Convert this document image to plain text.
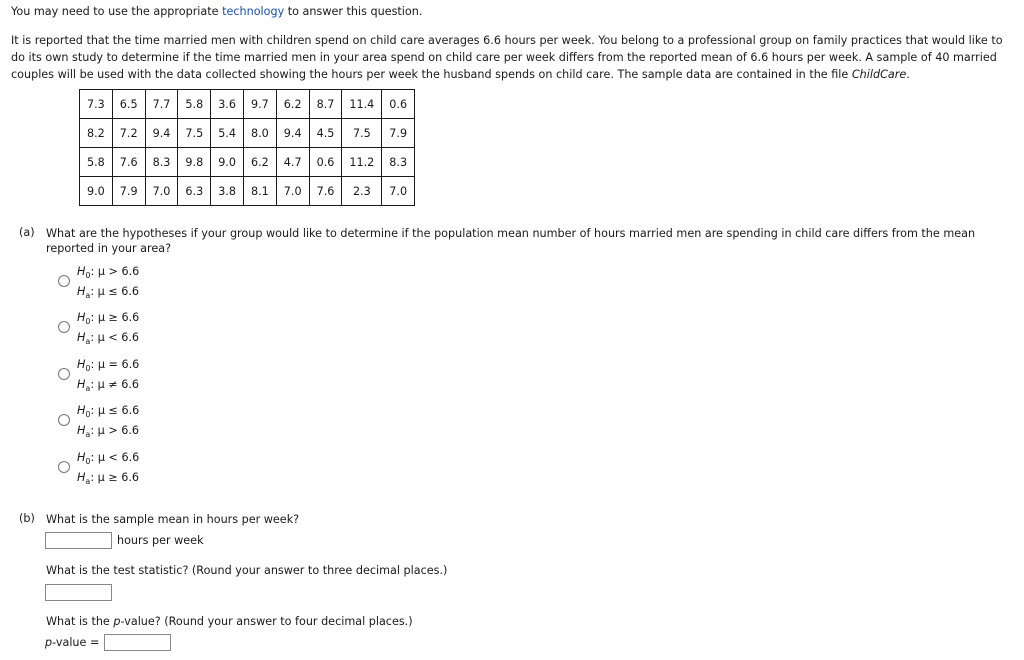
You may need to use the appropriate technology to answer this question.
It is reported that the time married men with children spend on child care averages 6.6 hours per week. You belong to a professional group on family practices that would like to do its own study to determine if the time married men in your area spend on child care per week differs from the reported mean of 6.6 hours per week. A sample of 40 married couples will be used with the data collected showing the hours per week the husband spends on child care. The sample data are contained in the file ChildCare.
7.3	6.5	7.7	5.8	3.6	9.7	6.2	8.7	11.4	0.6
8.2	7.2	9.4	7.5	5.4	8.0	9.4	4.5	7.5	7.9
5.8	7.6	8.3	9.8	9.0	6.2	4.7	0.6	11.2	8.3
9.0	7.9	7.0	6.3	3.8	8.1	7.0	7.6	2.3	7.0
(a) What are the hypotheses if your group would like to determine if the population mean number of hours married men are spending in child care differs from the mean reported in your area?
$H_0$: μ > 6.6
$H_a$: μ ≤ 6.6
$H_0$: μ ≥ 6.6
$H_a$: μ < 6.6
$H_0$: μ = 6.6
$H_a$: μ ≠ 6.6
$H_0$: μ ≤ 6.6
$H_a$: μ > 6.6
$H_0$: μ < 6.6
$H_a$: μ ≥ 6.6
(b) What is the sample mean in hours per week?
hours per week
What is the test statistic? (Round your answer to three decimal places.)
What is the p-value? (Round your answer to four decimal places.)
p-value =
